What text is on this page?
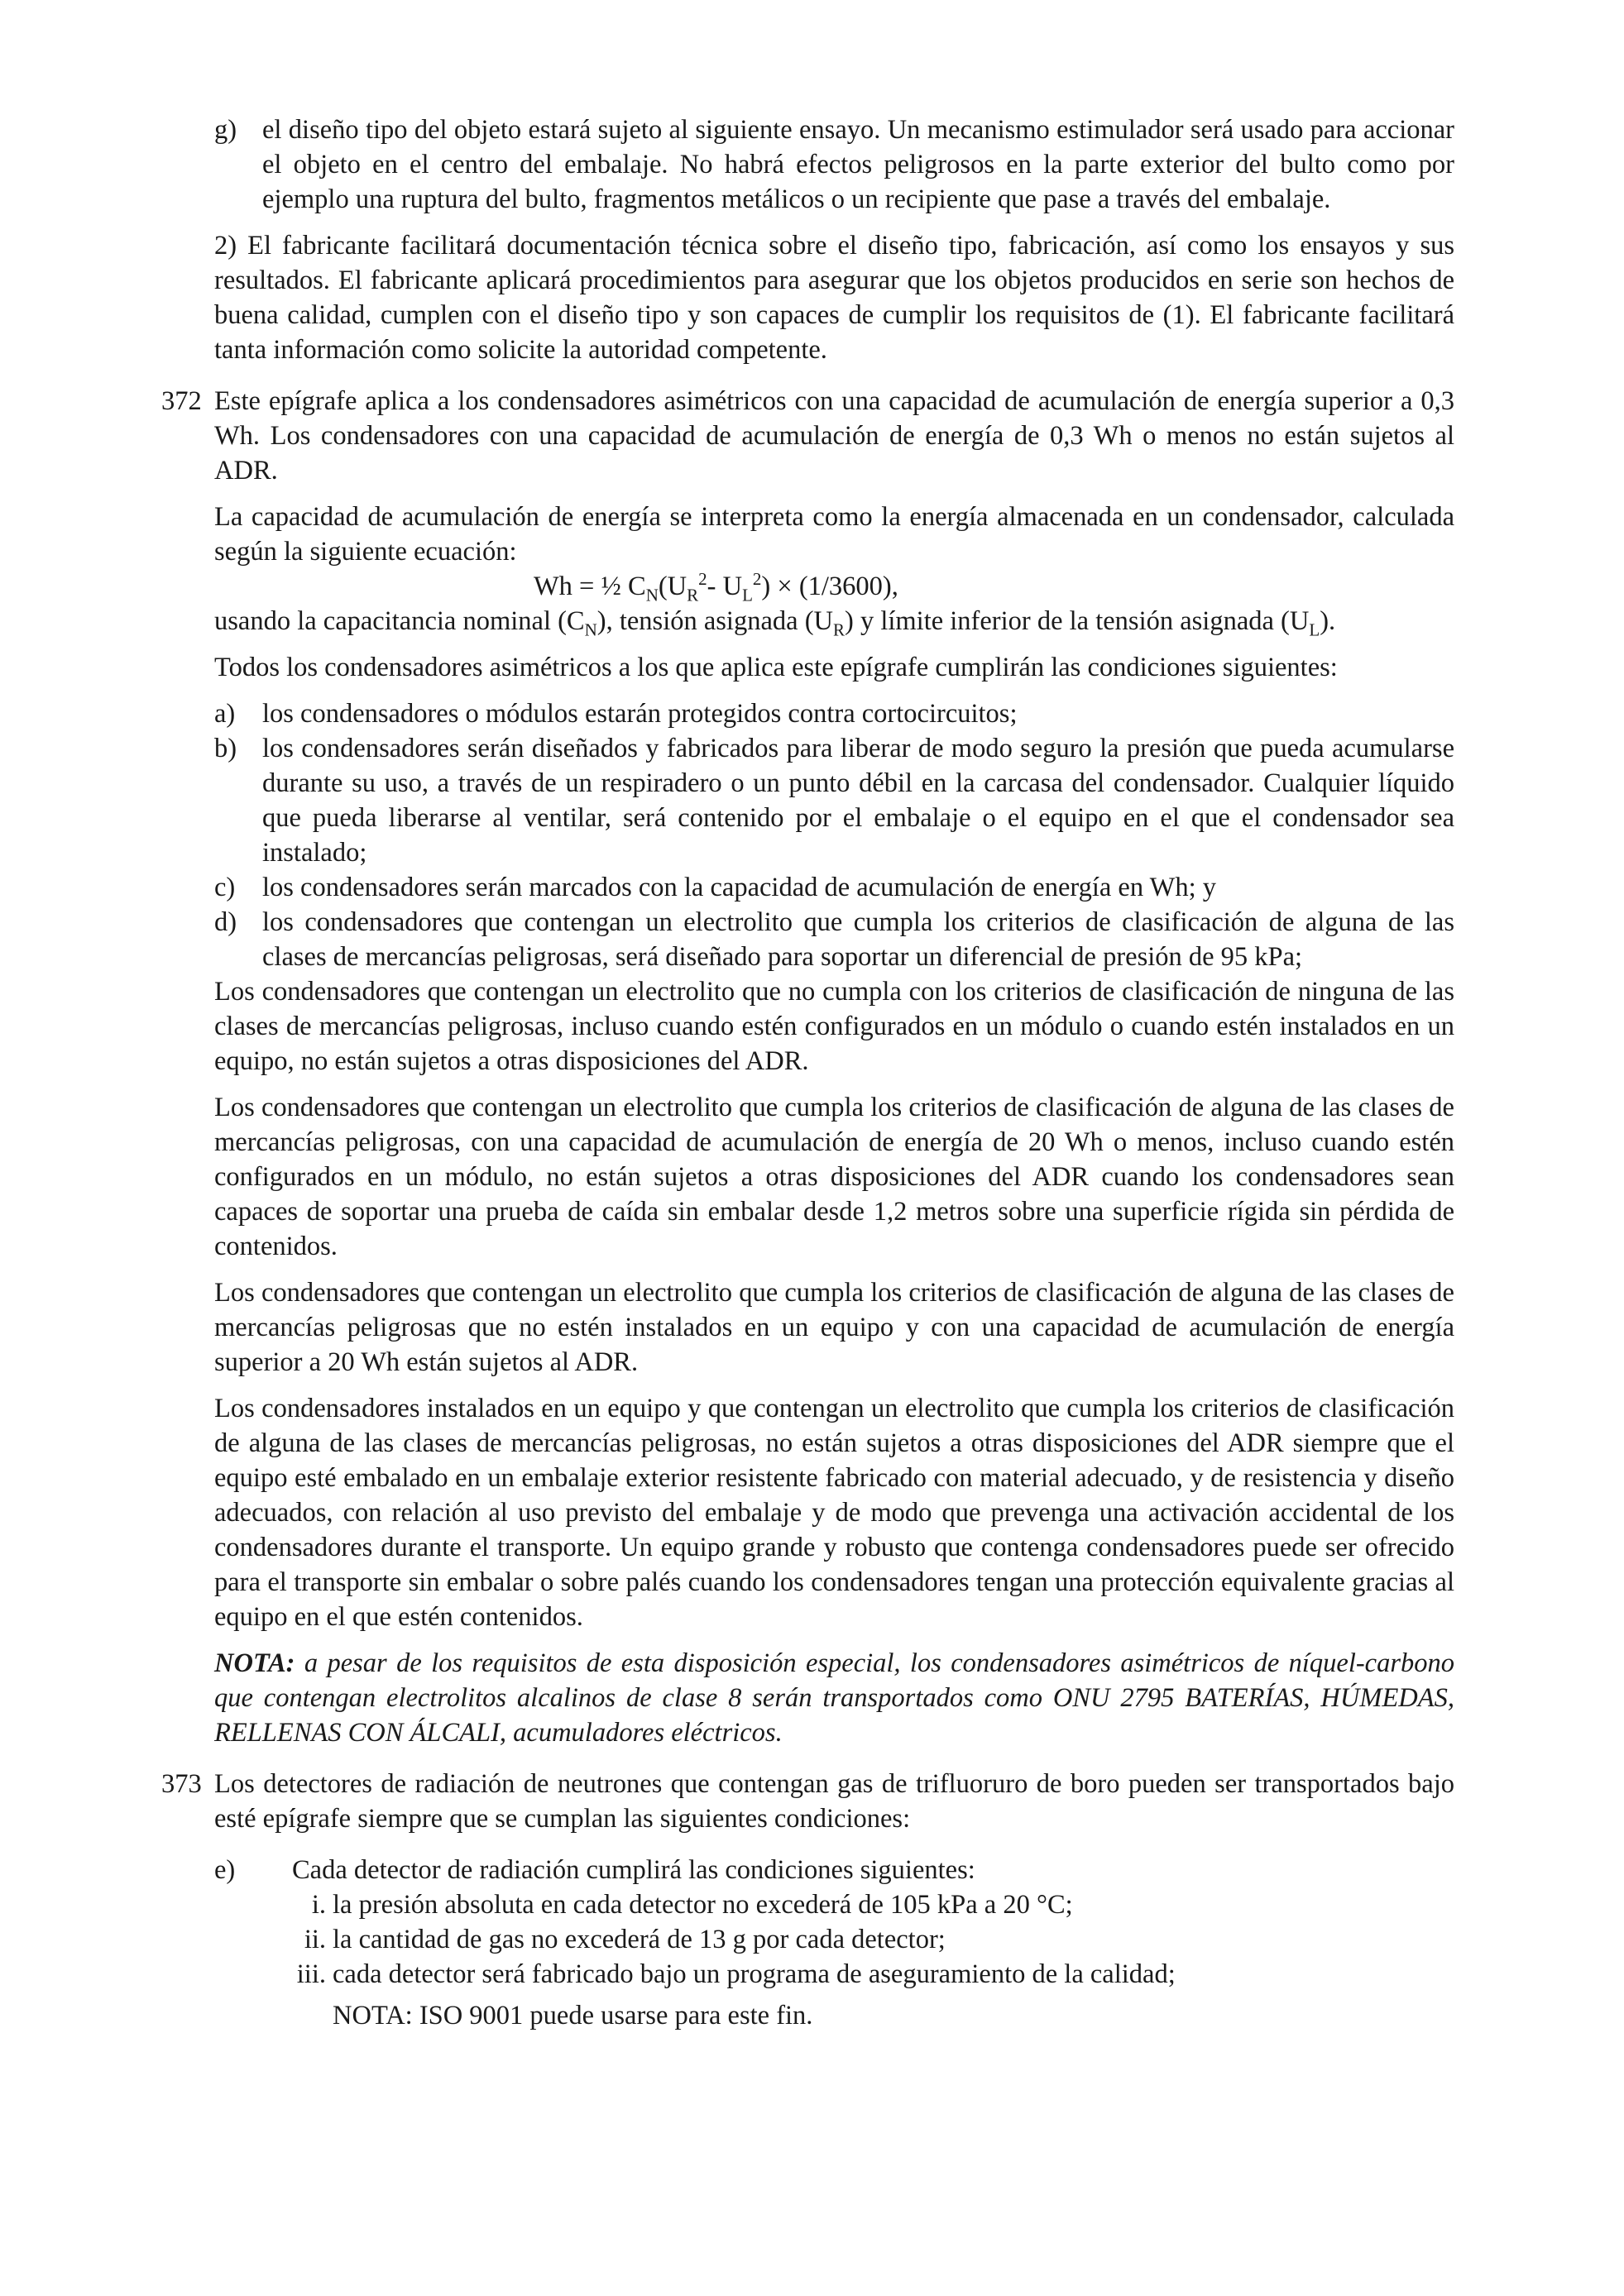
g) el diseño tipo del objeto estará sujeto al siguiente ensayo. Un mecanismo estimulador será usado para accionar el objeto en el centro del embalaje. No habrá efectos peligrosos en la parte exterior del bulto como por ejemplo una ruptura del bulto, fragmentos metálicos o un recipiente que pase a través del embalaje.

2) El fabricante facilitará documentación técnica sobre el diseño tipo, fabricación, así como los ensayos y sus resultados. El fabricante aplicará procedimientos para asegurar que los objetos producidos en serie son hechos de buena calidad, cumplen con el diseño tipo y son capaces de cumplir los requisitos de (1). El fabricante facilitará tanta información como solicite la autoridad competente.

372 Este epígrafe aplica a los condensadores asimétricos con una capacidad de acumulación de energía superior a 0,3 Wh. Los condensadores con una capacidad de acumulación de energía de 0,3 Wh o menos no están sujetos al ADR.

La capacidad de acumulación de energía se interpreta como la energía almacenada en un condensador, calculada según la siguiente ecuación:

Wh = ½ $C_N(U_R^2-$ $U_L^2) \times (1/3600)$,

usando la capacitancia nominal $(C_N)$, tensión asignada $(U_R)$ y límite inferior de la tensión asignada $(U_L)$.

Todos los condensadores asimétricos a los que aplica este epígrafe cumplirán las condiciones siguientes:

a) los condensadores o módulos estarán protegidos contra cortocircuitos;

b) los condensadores serán diseñados y fabricados para liberar de modo seguro la presión que pueda acumularse durante su uso, a través de un respiradero o un punto débil en la carcasa del condensador. Cualquier líquido que pueda liberarse al ventilar, será contenido por el embalaje o el equipo en el que el condensador sea instalado;

c) los condensadores serán marcados con la capacidad de acumulación de energía en Wh; y

d) los condensadores que contengan un electrolito que cumpla los criterios de clasificación de alguna de las clases de mercancías peligrosas, será diseñado para soportar un diferencial de presión de 95 kPa;

Los condensadores que contengan un electrolito que no cumpla con los criterios de clasificación de ninguna de las clases de mercancías peligrosas, incluso cuando estén configurados en un módulo o cuando estén instalados en un equipo, no están sujetos a otras disposiciones del ADR.

Los condensadores que contengan un electrolito que cumpla los criterios de clasificación de alguna de las clases de mercancías peligrosas, con una capacidad de acumulación de energía de 20 Wh o menos, incluso cuando estén configurados en un módulo, no están sujetos a otras disposiciones del ADR cuando los condensadores sean capaces de soportar una prueba de caída sin embalar desde 1,2 metros sobre una superficie rígida sin pérdida de contenidos.

Los condensadores que contengan un electrolito que cumpla los criterios de clasificación de alguna de las clases de mercancías peligrosas que no estén instalados en un equipo y con una capacidad de acumulación de energía superior a 20 Wh están sujetos al ADR.

Los condensadores instalados en un equipo y que contengan un electrolito que cumpla los criterios de clasificación de alguna de las clases de mercancías peligrosas, no están sujetos a otras disposiciones del ADR siempre que el equipo esté embalado en un embalaje exterior resistente fabricado con material adecuado, y de resistencia y diseño adecuados, con relación al uso previsto del embalaje y de modo que prevenga una activación accidental de los condensadores durante el transporte. Un equipo grande y robusto que contenga condensadores puede ser ofrecido para el transporte sin embalar o sobre palés cuando los condensadores tengan una protección equivalente gracias al equipo en el que estén contenidos.

NOTA: a pesar de los requisitos de esta disposición especial, los condensadores asimétricos de níquel-carbono que contengan electrolitos alcalinos de clase 8 serán transportados como ONU 2795 BATERÍAS, HÚMEDAS, RELLENAS CON ÁLCALI, acumuladores eléctricos.

373 Los detectores de radiación de neutrones que contengan gas de trifluoruro de boro pueden ser transportados bajo esté epígrafe siempre que se cumplan las siguientes condiciones:

e) Cada detector de radiación cumplirá las condiciones siguientes:

i. la presión absoluta en cada detector no excederá de 105 kPa a 20 °C;

ii. la cantidad de gas no excederá de 13 g por cada detector;

iii. cada detector será fabricado bajo un programa de aseguramiento de la calidad;

NOTA: ISO 9001 puede usarse para este fin.
